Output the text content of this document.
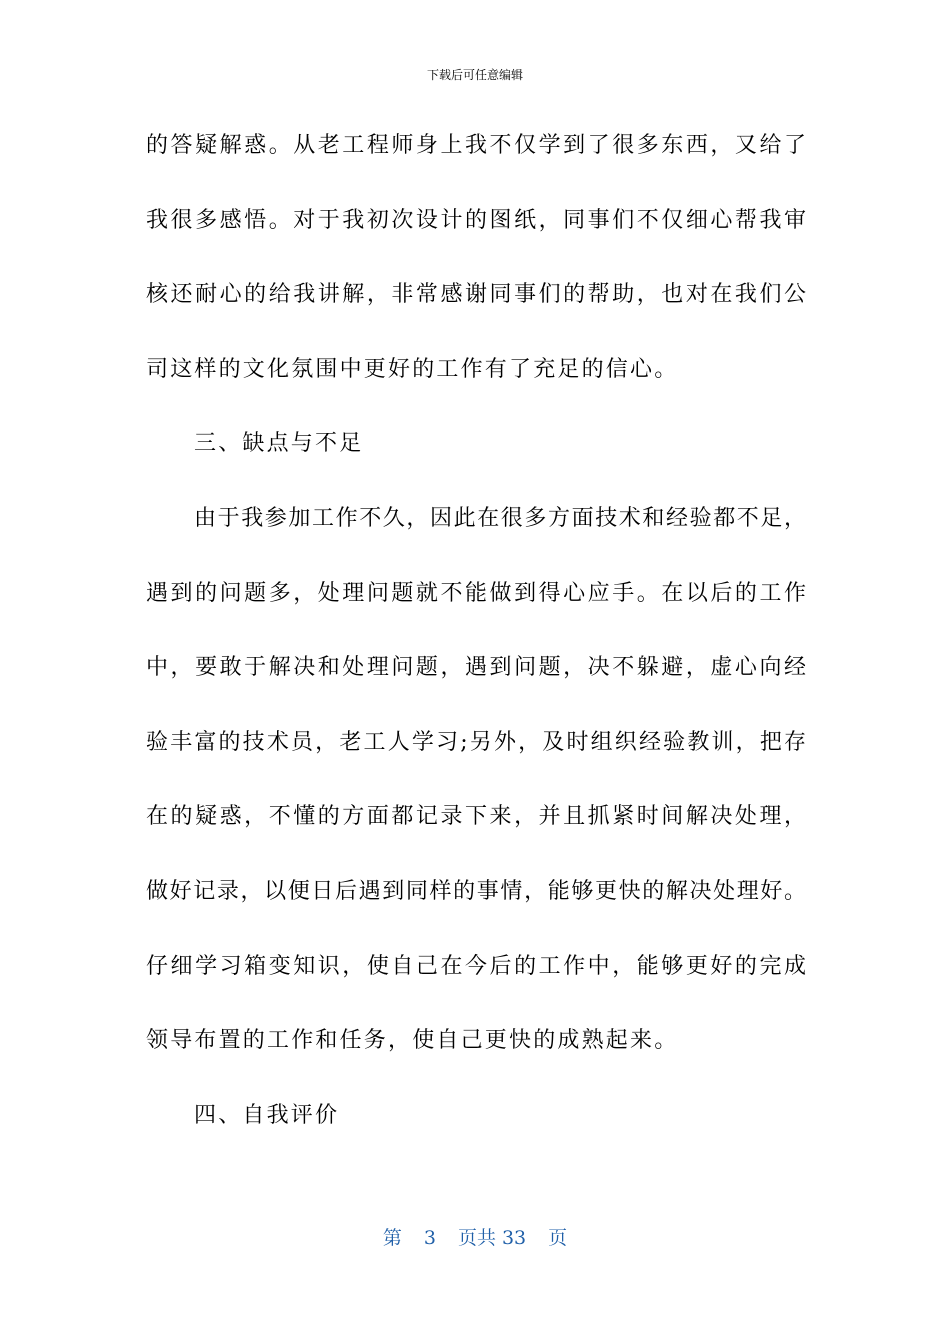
下载后可任意编辑
的答疑解惑。从老工程师身上我不仅学到了很多东西，又给了
我很多感悟。对于我初次设计的图纸，同事们不仅细心帮我审
核还耐心的给我讲解，非常感谢同事们的帮助，也对在我们公
司这样的文化氛围中更好的工作有了充足的信心。
三、缺点与不足
由于我参加工作不久，因此在很多方面技术和经验都不足，
遇到的问题多，处理问题就不能做到得心应手。在以后的工作
中，要敢于解决和处理问题，遇到问题，决不躲避，虚心向经
验丰富的技术员，老工人学习;另外，及时组织经验教训，把存
在的疑惑，不懂的方面都记录下来，并且抓紧时间解决处理，
做好记录，以便日后遇到同样的事情，能够更快的解决处理好。
仔细学习箱变知识，使自己在今后的工作中，能够更好的完成
领导布置的工作和任务，使自己更快的成熟起来。
四、自我评价
第 3 页共 33 页
